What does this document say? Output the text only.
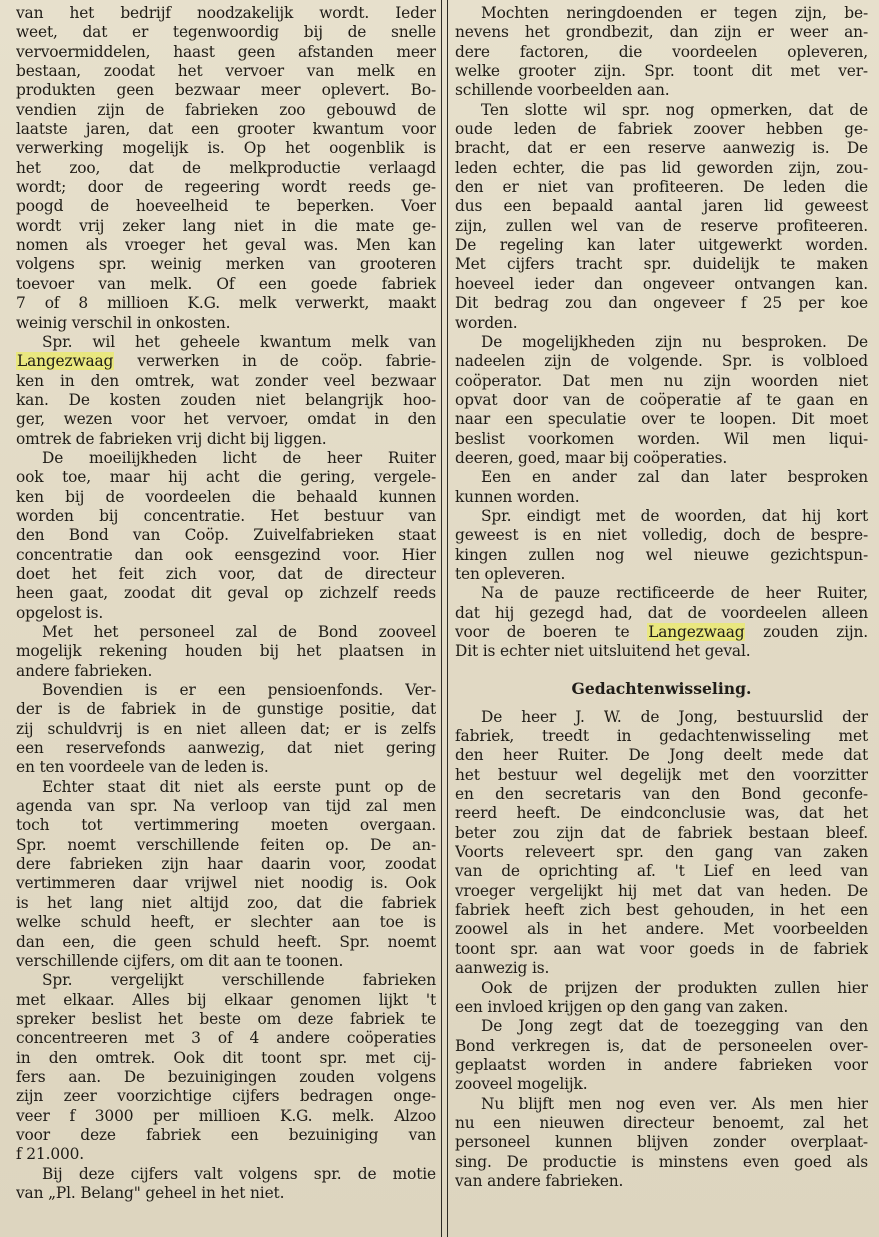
van het bedrijf noodzakelijk wordt. Ieder
weet, dat er tegenwoordig bij de snelle
vervoermiddelen, haast geen afstanden meer
bestaan, zoodat het vervoer van melk en
produkten geen bezwaar meer oplevert. Bo-
vendien zijn de fabrieken zoo gebouwd de
laatste jaren, dat een grooter kwantum voor
verwerking mogelijk is. Op het oogenblik is
het zoo, dat de melkproductie verlaagd
wordt; door de regeering wordt reeds ge-
poogd de hoeveelheid te beperken. Voer
wordt vrij zeker lang niet in die mate ge-
nomen als vroeger het geval was. Men kan
volgens spr. weinig merken van grooteren
toevoer van melk. Of een goede fabriek
7 of 8 millioen K.G. melk verwerkt, maakt
weinig verschil in onkosten.
Spr. wil het geheele kwantum melk van
Langezwaag verwerken in de coöp. fabrie-
ken in den omtrek, wat zonder veel bezwaar
kan. De kosten zouden niet belangrijk hoo-
ger, wezen voor het vervoer, omdat in den
omtrek de fabrieken vrij dicht bij liggen.
De moeilijkheden licht de heer Ruiter
ook toe, maar hij acht die gering, vergele-
ken bij de voordeelen die behaald kunnen
worden bij concentratie. Het bestuur van
den Bond van Coöp. Zuivelfabrieken staat
concentratie dan ook eensgezind voor. Hier
doet het feit zich voor, dat de directeur
heen gaat, zoodat dit geval op zichzelf reeds
opgelost is.
Met het personeel zal de Bond zooveel
mogelijk rekening houden bij het plaatsen in
andere fabrieken.
Bovendien is er een pensioenfonds. Ver-
der is de fabriek in de gunstige positie, dat
zij schuldvrij is en niet alleen dat; er is zelfs
een reservefonds aanwezig, dat niet gering
en ten voordeele van de leden is.
Echter staat dit niet als eerste punt op de
agenda van spr. Na verloop van tijd zal men
toch tot vertimmering moeten overgaan.
Spr. noemt verschillende feiten op. De an-
dere fabrieken zijn haar daarin voor, zoodat
vertimmeren daar vrijwel niet noodig is. Ook
is het lang niet altijd zoo, dat die fabriek
welke schuld heeft, er slechter aan toe is
dan een, die geen schuld heeft. Spr. noemt
verschillende cijfers, om dit aan te toonen.
Spr. vergelijkt verschillende fabrieken
met elkaar. Alles bij elkaar genomen lijkt 't
spreker beslist het beste om deze fabriek te
concentreeren met 3 of 4 andere coöperaties
in den omtrek. Ook dit toont spr. met cij-
fers aan. De bezuinigingen zouden volgens
zijn zeer voorzichtige cijfers bedragen onge-
veer f 3000 per millioen K.G. melk. Alzoo
voor deze fabriek een bezuiniging van
f 21.000.
Bij deze cijfers valt volgens spr. de motie
van „Pl. Belang" geheel in het niet.
Mochten neringdoenden er tegen zijn, be-
nevens het grondbezit, dan zijn er weer an-
dere factoren, die voordeelen opleveren,
welke grooter zijn. Spr. toont dit met ver-
schillende voorbeelden aan.
Ten slotte wil spr. nog opmerken, dat de
oude leden de fabriek zoover hebben ge-
bracht, dat er een reserve aanwezig is. De
leden echter, die pas lid geworden zijn, zou-
den er niet van profiteeren. De leden die
dus een bepaald aantal jaren lid geweest
zijn, zullen wel van de reserve profiteeren.
De regeling kan later uitgewerkt worden.
Met cijfers tracht spr. duidelijk te maken
hoeveel ieder dan ongeveer ontvangen kan.
Dit bedrag zou dan ongeveer f 25 per koe
worden.
De mogelijkheden zijn nu besproken. De
nadeelen zijn de volgende. Spr. is volbloed
coöperator. Dat men nu zijn woorden niet
opvat door van de coöperatie af te gaan en
naar een speculatie over te loopen. Dit moet
beslist voorkomen worden. Wil men liqui-
deeren, goed, maar bij coöperaties.
Een en ander zal dan later besproken
kunnen worden.
Spr. eindigt met de woorden, dat hij kort
geweest is en niet volledig, doch de bespre-
kingen zullen nog wel nieuwe gezichtspun-
ten opleveren.
Na de pauze rectificeerde de heer Ruiter,
dat hij gezegd had, dat de voordeelen alleen
voor de boeren te Langezwaag zouden zijn.
Dit is echter niet uitsluitend het geval.
Gedachtenwisseling.
De heer J. W. de Jong, bestuurslid der
fabriek, treedt in gedachtenwisseling met
den heer Ruiter. De Jong deelt mede dat
het bestuur wel degelijk met den voorzitter
en den secretaris van den Bond geconfe-
reerd heeft. De eindconclusie was, dat het
beter zou zijn dat de fabriek bestaan bleef.
Voorts releveert spr. den gang van zaken
van de oprichting af. 't Lief en leed van
vroeger vergelijkt hij met dat van heden. De
fabriek heeft zich best gehouden, in het een
zoowel als in het andere. Met voorbeelden
toont spr. aan wat voor goeds in de fabriek
aanwezig is.
Ook de prijzen der produkten zullen hier
een invloed krijgen op den gang van zaken.
De Jong zegt dat de toezegging van den
Bond verkregen is, dat de personeelen over-
geplaatst worden in andere fabrieken voor
zooveel mogelijk.
Nu blijft men nog even ver. Als men hier
nu een nieuwen directeur benoemt, zal het
personeel kunnen blijven zonder overplaat-
sing. De productie is minstens even goed als
van andere fabrieken.
